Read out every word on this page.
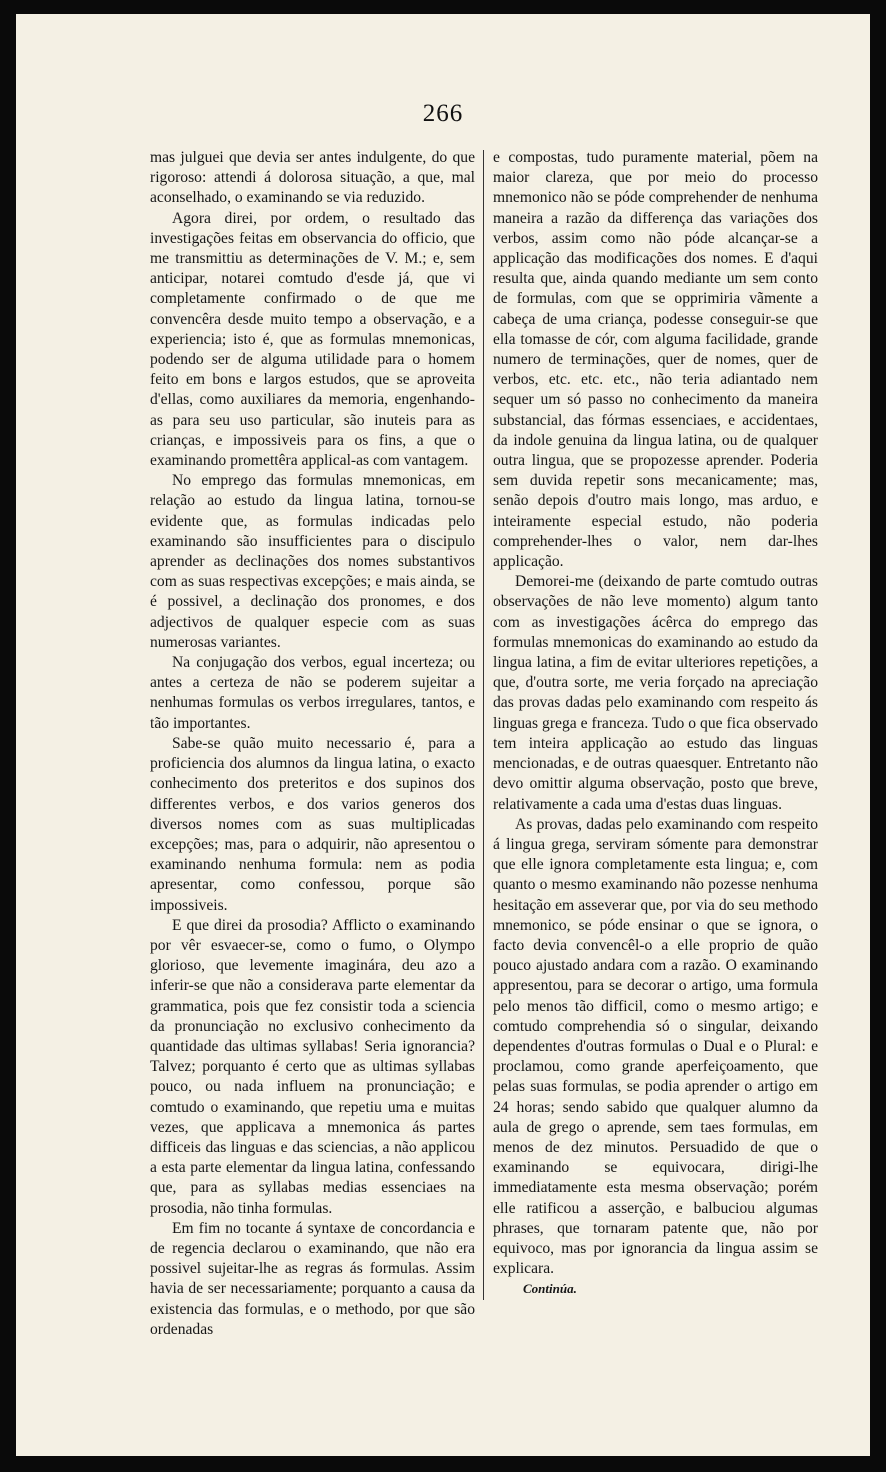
266

mas julguei que devia ser antes indulgente, do que rigoroso: attendi á dolorosa situação, a que, mal aconselhado, o examinando se via reduzido.

Agora direi, por ordem, o resultado das investigações feitas em observancia do officio, que me transmittiu as determinações de V. M.; e, sem anticipar, notarei comtudo d'esde já, que vi completamente confirmado o de que me convencêra desde muito tempo a observação, e a experiencia; isto é, que as formulas mnemonicas, podendo ser de alguma utilidade para o homem feito em bons e largos estudos, que se aproveita d'ellas, como auxiliares da memoria, engenhando-as para seu uso particular, são inuteis para as crianças, e impossiveis para os fins, a que o examinando promettêra applical-as com vantagem.

No emprego das formulas mnemonicas, em relação ao estudo da lingua latina, tornou-se evidente que, as formulas indicadas pelo examinando são insufficientes para o discipulo aprender as declinações dos nomes substantivos com as suas respectivas excepções; e mais ainda, se é possivel, a declinação dos pronomes, e dos adjectivos de qualquer especie com as suas numerosas variantes.

Na conjugação dos verbos, egual incerteza; ou antes a certeza de não se poderem sujeitar a nenhumas formulas os verbos irregulares, tantos, e tão importantes.

Sabe-se quão muito necessario é, para a proficiencia dos alumnos da lingua latina, o exacto conhecimento dos preteritos e dos supinos dos differentes verbos, e dos varios generos dos diversos nomes com as suas multiplicadas excepções; mas, para o adquirir, não apresentou o examinando nenhuma formula: nem as podia apresentar, como confessou, porque são impossiveis.

E que direi da prosodia? Afflicto o examinando por vêr esvaecer-se, como o fumo, o Olympo glorioso, que levemente imaginára, deu azo a inferir-se que não a considerava parte elementar da grammatica, pois que fez consistir toda a sciencia da pronunciação no exclusivo conhecimento da quantidade das ultimas syllabas! Seria ignorancia? Talvez; porquanto é certo que as ultimas syllabas pouco, ou nada influem na pronunciação; e comtudo o examinando, que repetiu uma e muitas vezes, que applicava a mnemonica ás partes difficeis das linguas e das sciencias, a não applicou a esta parte elementar da lingua latina, confessando que, para as syllabas medias essenciaes na prosodia, não tinha formulas.

Em fim no tocante á syntaxe de concordancia e de regencia declarou o examinando, que não era possivel sujeitar-lhe as regras ás formulas. Assim havia de ser necessariamente; porquanto a causa da existencia das formulas, e o methodo, por que são ordenadas

e compostas, tudo puramente material, põem na maior clareza, que por meio do processo mnemonico não se póde comprehender de nenhuma maneira a razão da differença das variações dos verbos, assim como não póde alcançar-se a applicação das modificações dos nomes. E d'aqui resulta que, ainda quando mediante um sem conto de formulas, com que se opprimiria vãmente a cabeça de uma criança, podesse conseguir-se que ella tomasse de cór, com alguma facilidade, grande numero de terminações, quer de nomes, quer de verbos, etc. etc. etc., não teria adiantado nem sequer um só passo no conhecimento da maneira substancial, das fórmas essenciaes, e accidentaes, da indole genuina da lingua latina, ou de qualquer outra lingua, que se propozesse aprender. Poderia sem duvida repetir sons mecanicamente; mas, senão depois d'outro mais longo, mas arduo, e inteiramente especial estudo, não poderia comprehender-lhes o valor, nem dar-lhes applicação.

Demorei-me (deixando de parte comtudo outras observações de não leve momento) algum tanto com as investigações ácêrca do emprego das formulas mnemonicas do examinando ao estudo da lingua latina, a fim de evitar ulteriores repetições, a que, d'outra sorte, me veria forçado na apreciação das provas dadas pelo examinando com respeito ás linguas grega e franceza. Tudo o que fica observado tem inteira applicação ao estudo das linguas mencionadas, e de outras quaesquer. Entretanto não devo omittir alguma observação, posto que breve, relativamente a cada uma d'estas duas linguas.

As provas, dadas pelo examinando com respeito á lingua grega, serviram sómente para demonstrar que elle ignora completamente esta lingua; e, com quanto o mesmo examinando não pozesse nenhuma hesitação em asseverar que, por via do seu methodo mnemonico, se póde ensinar o que se ignora, o facto devia convencêl-o a elle proprio de quão pouco ajustado andara com a razão. O examinando appresentou, para se decorar o artigo, uma formula pelo menos tão difficil, como o mesmo artigo; e comtudo comprehendia só o singular, deixando dependentes d'outras formulas o Dual e o Plural: e proclamou, como grande aperfeiçoamento, que pelas suas formulas, se podia aprender o artigo em 24 horas; sendo sabido que qualquer alumno da aula de grego o aprende, sem taes formulas, em menos de dez minutos. Persuadido de que o examinando se equivocara, dirigi-lhe immediatamente esta mesma observação; porém elle ratificou a asserção, e balbuciou algumas phrases, que tornaram patente que, não por equivoco, mas por ignorancia da lingua assim se explicara.

Continúa.
